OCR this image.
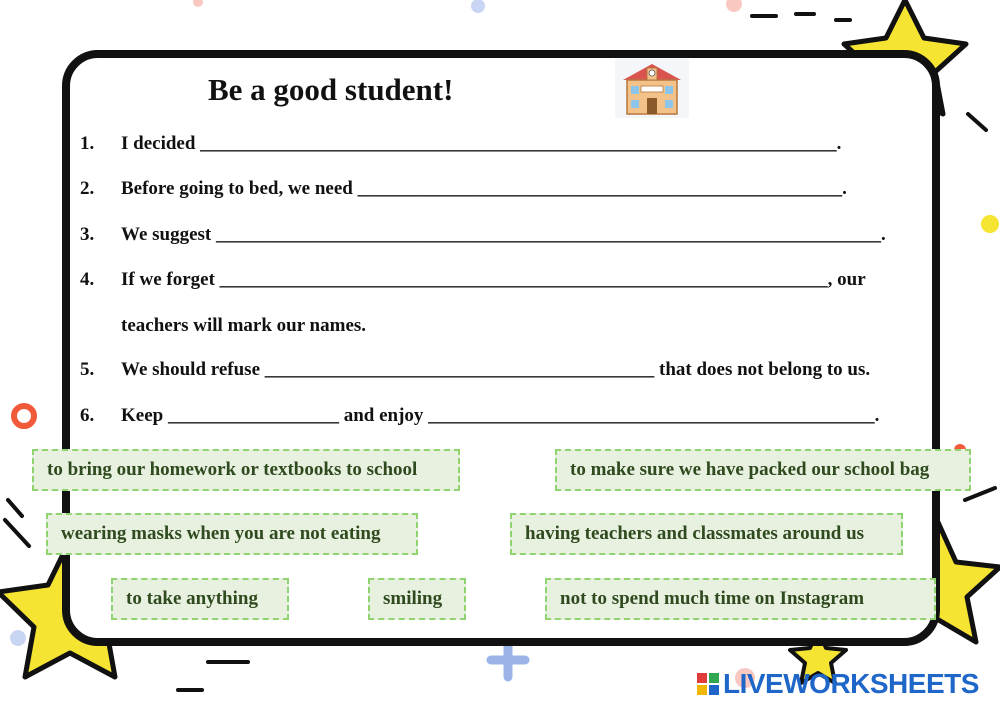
Be a good student!
1. I decided ___________________________________________________________________.
2. Before going to bed, we need ___________________________________________________.
3. We suggest ______________________________________________________________________.
4. If we forget ________________________________________________________________, our
teachers will mark our names.
5. We should refuse _________________________________________ that does not belong to us.
6. Keep __________________ and enjoy _______________________________________________.
to bring our homework or textbooks to school	to make sure we have packed our school bag
wearing masks when you are not eating	having teachers and classmates around us
to take anything	smiling	not to spend much time on Instagram
LIVEWORKSHEETS
